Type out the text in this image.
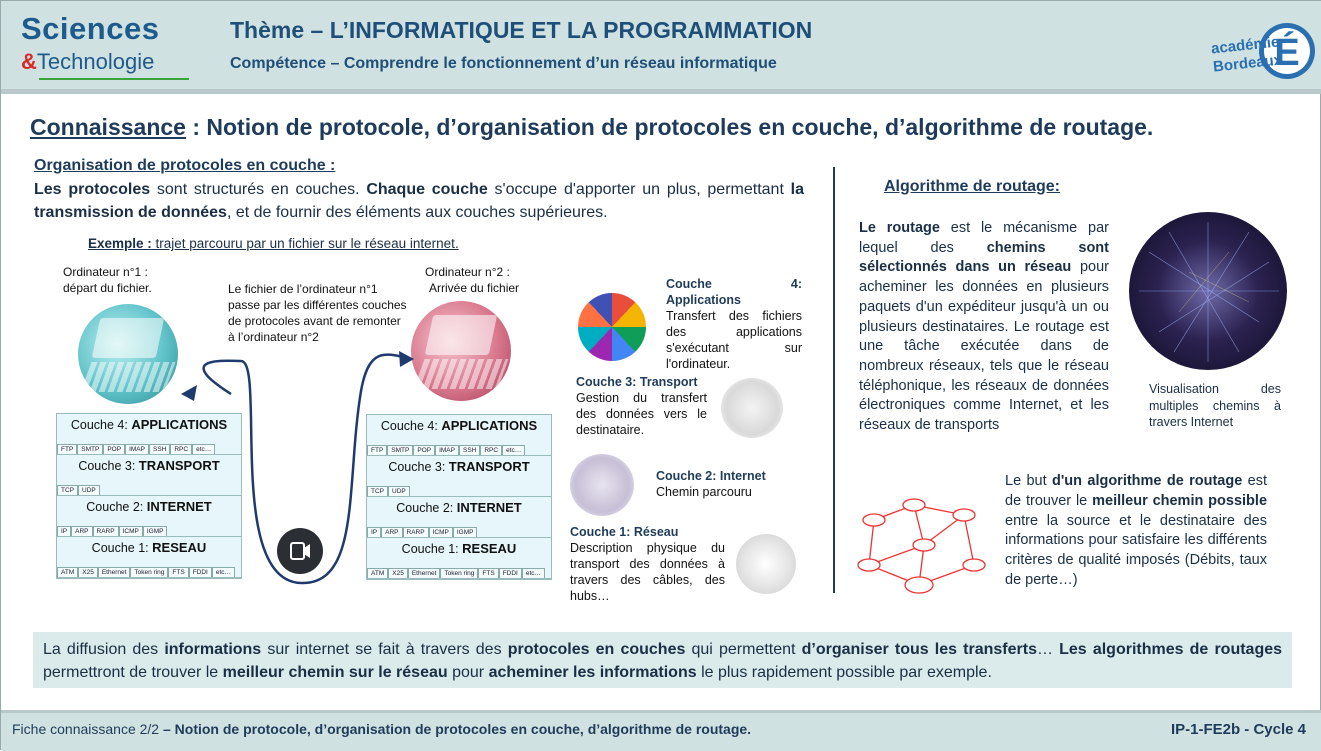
Sciences
&Technologie
Thème – L’INFORMATIQUE ET LA PROGRAMMATION
Compétence – Comprendre le fonctionnement d’un réseau informatique	É
académie
Bordeaux
Connaissance : Notion de protocole, d’organisation de protocoles en couche, d’algorithme de routage.
Organisation de protocoles en couche :
Les protocoles sont structurés en couches. Chaque couche s'occupe d'apporter un plus, permettant la transmission de données, et de fournir des éléments aux couches supérieures.
Exemple : trajet parcouru par un fichier sur le réseau internet.
Ordinateur n°1 :
départ du fichier.
Ordinateur n°2 :
Arrivée du fichier
Le fichier de l’ordinateur n°1 passe par les différentes couches de protocoles avant de remonter à l’ordinateur n°2
Couche 4: APPLICATIONS
FTP	SMTP	POP	IMAP	SSH	RPC	etc…
Couche 3: TRANSPORT
TCP	UDP
Couche 2: INTERNET
IP	ARP	RARP	ICMP	IGMP
Couche 1: RESEAU
ATM	X25	Ethernet	Token ring	FTS	FDDI	etc…
Couche 4: APPLICATIONS
FTP	SMTP	POP	IMAP	SSH	RPC	etc…
Couche 3: TRANSPORT
TCP	UDP
Couche 2: INTERNET
IP	ARP	RARP	ICMP	IGMP
Couche 1: RESEAU
ATM	X25	Ethernet	Token ring	FTS	FDDI	etc…
Couche 4: Applications
Transfert des fichiers des applications s'exécutant sur l'ordinateur.
Couche 3: Transport
Gestion du transfert des données vers le destinataire.
Couche 2: Internet
Chemin parcouru
Couche 1: Réseau
Description physique du transport des données à travers des câbles, des hubs…
Algorithme de routage:
Le routage est le mécanisme par lequel des chemins sont sélectionnés dans un réseau pour acheminer les données en plusieurs paquets d'un expéditeur jusqu'à un ou plusieurs destinataires. Le routage est une tâche exécutée dans de nombreux réseaux, tels que le réseau téléphonique, les réseaux de données électroniques comme Internet, et les réseaux de transports
Visualisation des multiples chemins à travers Internet
Le but d'un algorithme de routage est de trouver le meilleur chemin possible entre la source et le destinataire des informations pour satisfaire les différents critères de qualité imposés (Débits, taux de perte…)
La diffusion des informations sur internet se fait à travers des protocoles en couches qui permettent d’organiser tous les transferts… Les algorithmes de routages permettront de trouver le meilleur chemin sur le réseau pour acheminer les informations le plus rapidement possible par exemple.
Fiche connaissance 2/2 – Notion de protocole, d’organisation de protocoles en couche, d’algorithme de routage.	IP-1-FE2b - Cycle 4
